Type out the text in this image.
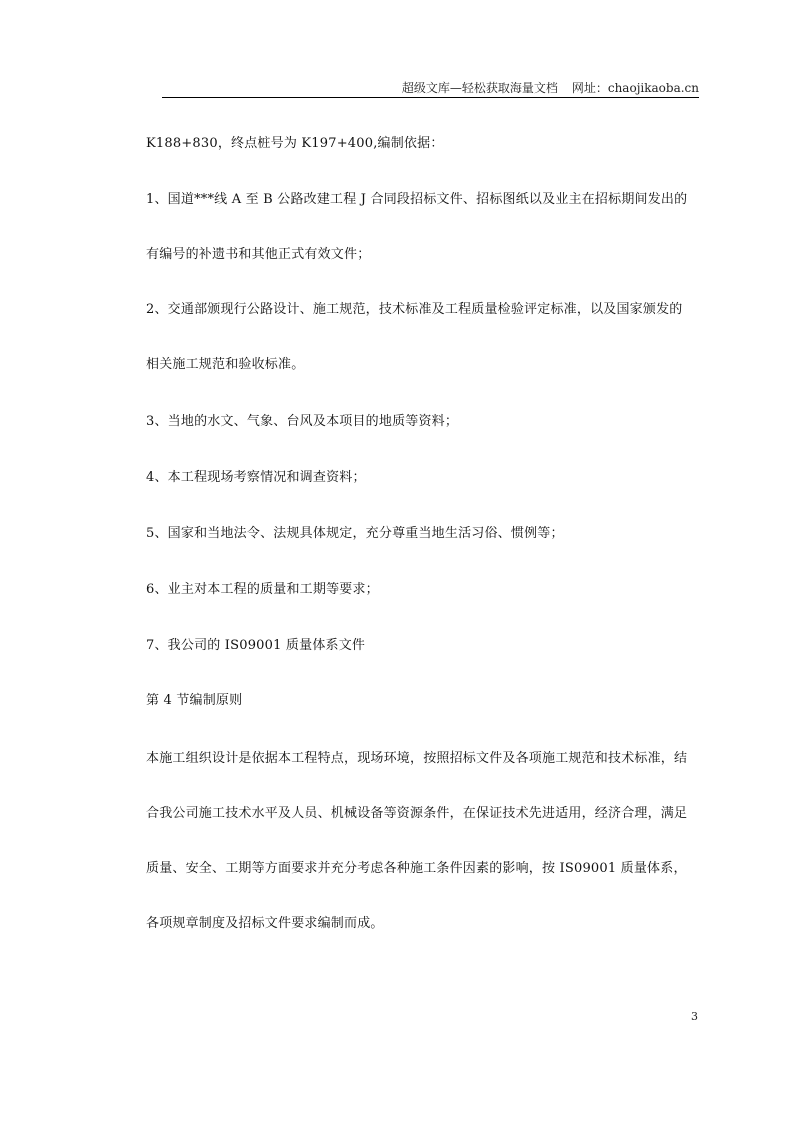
超级文库—轻松获取海量文档 网址：chaojikaoba.cn
K188+830，终点桩号为 K197+400,编制依据：
1、国道***线 A 至 B 公路改建工程 J 合同段招标文件、招标图纸以及业主在招标期间发出的
有编号的补遗书和其他正式有效文件；
2、交通部颁现行公路设计、施工规范，技术标准及工程质量检验评定标准，以及国家颁发的
相关施工规范和验收标准。
3、当地的水文、气象、台风及本项目的地质等资料；
4、本工程现场考察情况和调查资料；
5、国家和当地法令、法规具体规定，充分尊重当地生活习俗、惯例等；
6、业主对本工程的质量和工期等要求；
7、我公司的 IS09001 质量体系文件
第 4 节编制原则
本施工组织设计是依据本工程特点，现场环境，按照招标文件及各项施工规范和技术标准，结
合我公司施工技术水平及人员、机械设备等资源条件，在保证技术先进适用，经济合理，满足
质量、安全、工期等方面要求并充分考虑各种施工条件因素的影响，按 IS09001 质量体系，
各项规章制度及招标文件要求编制而成。
3
